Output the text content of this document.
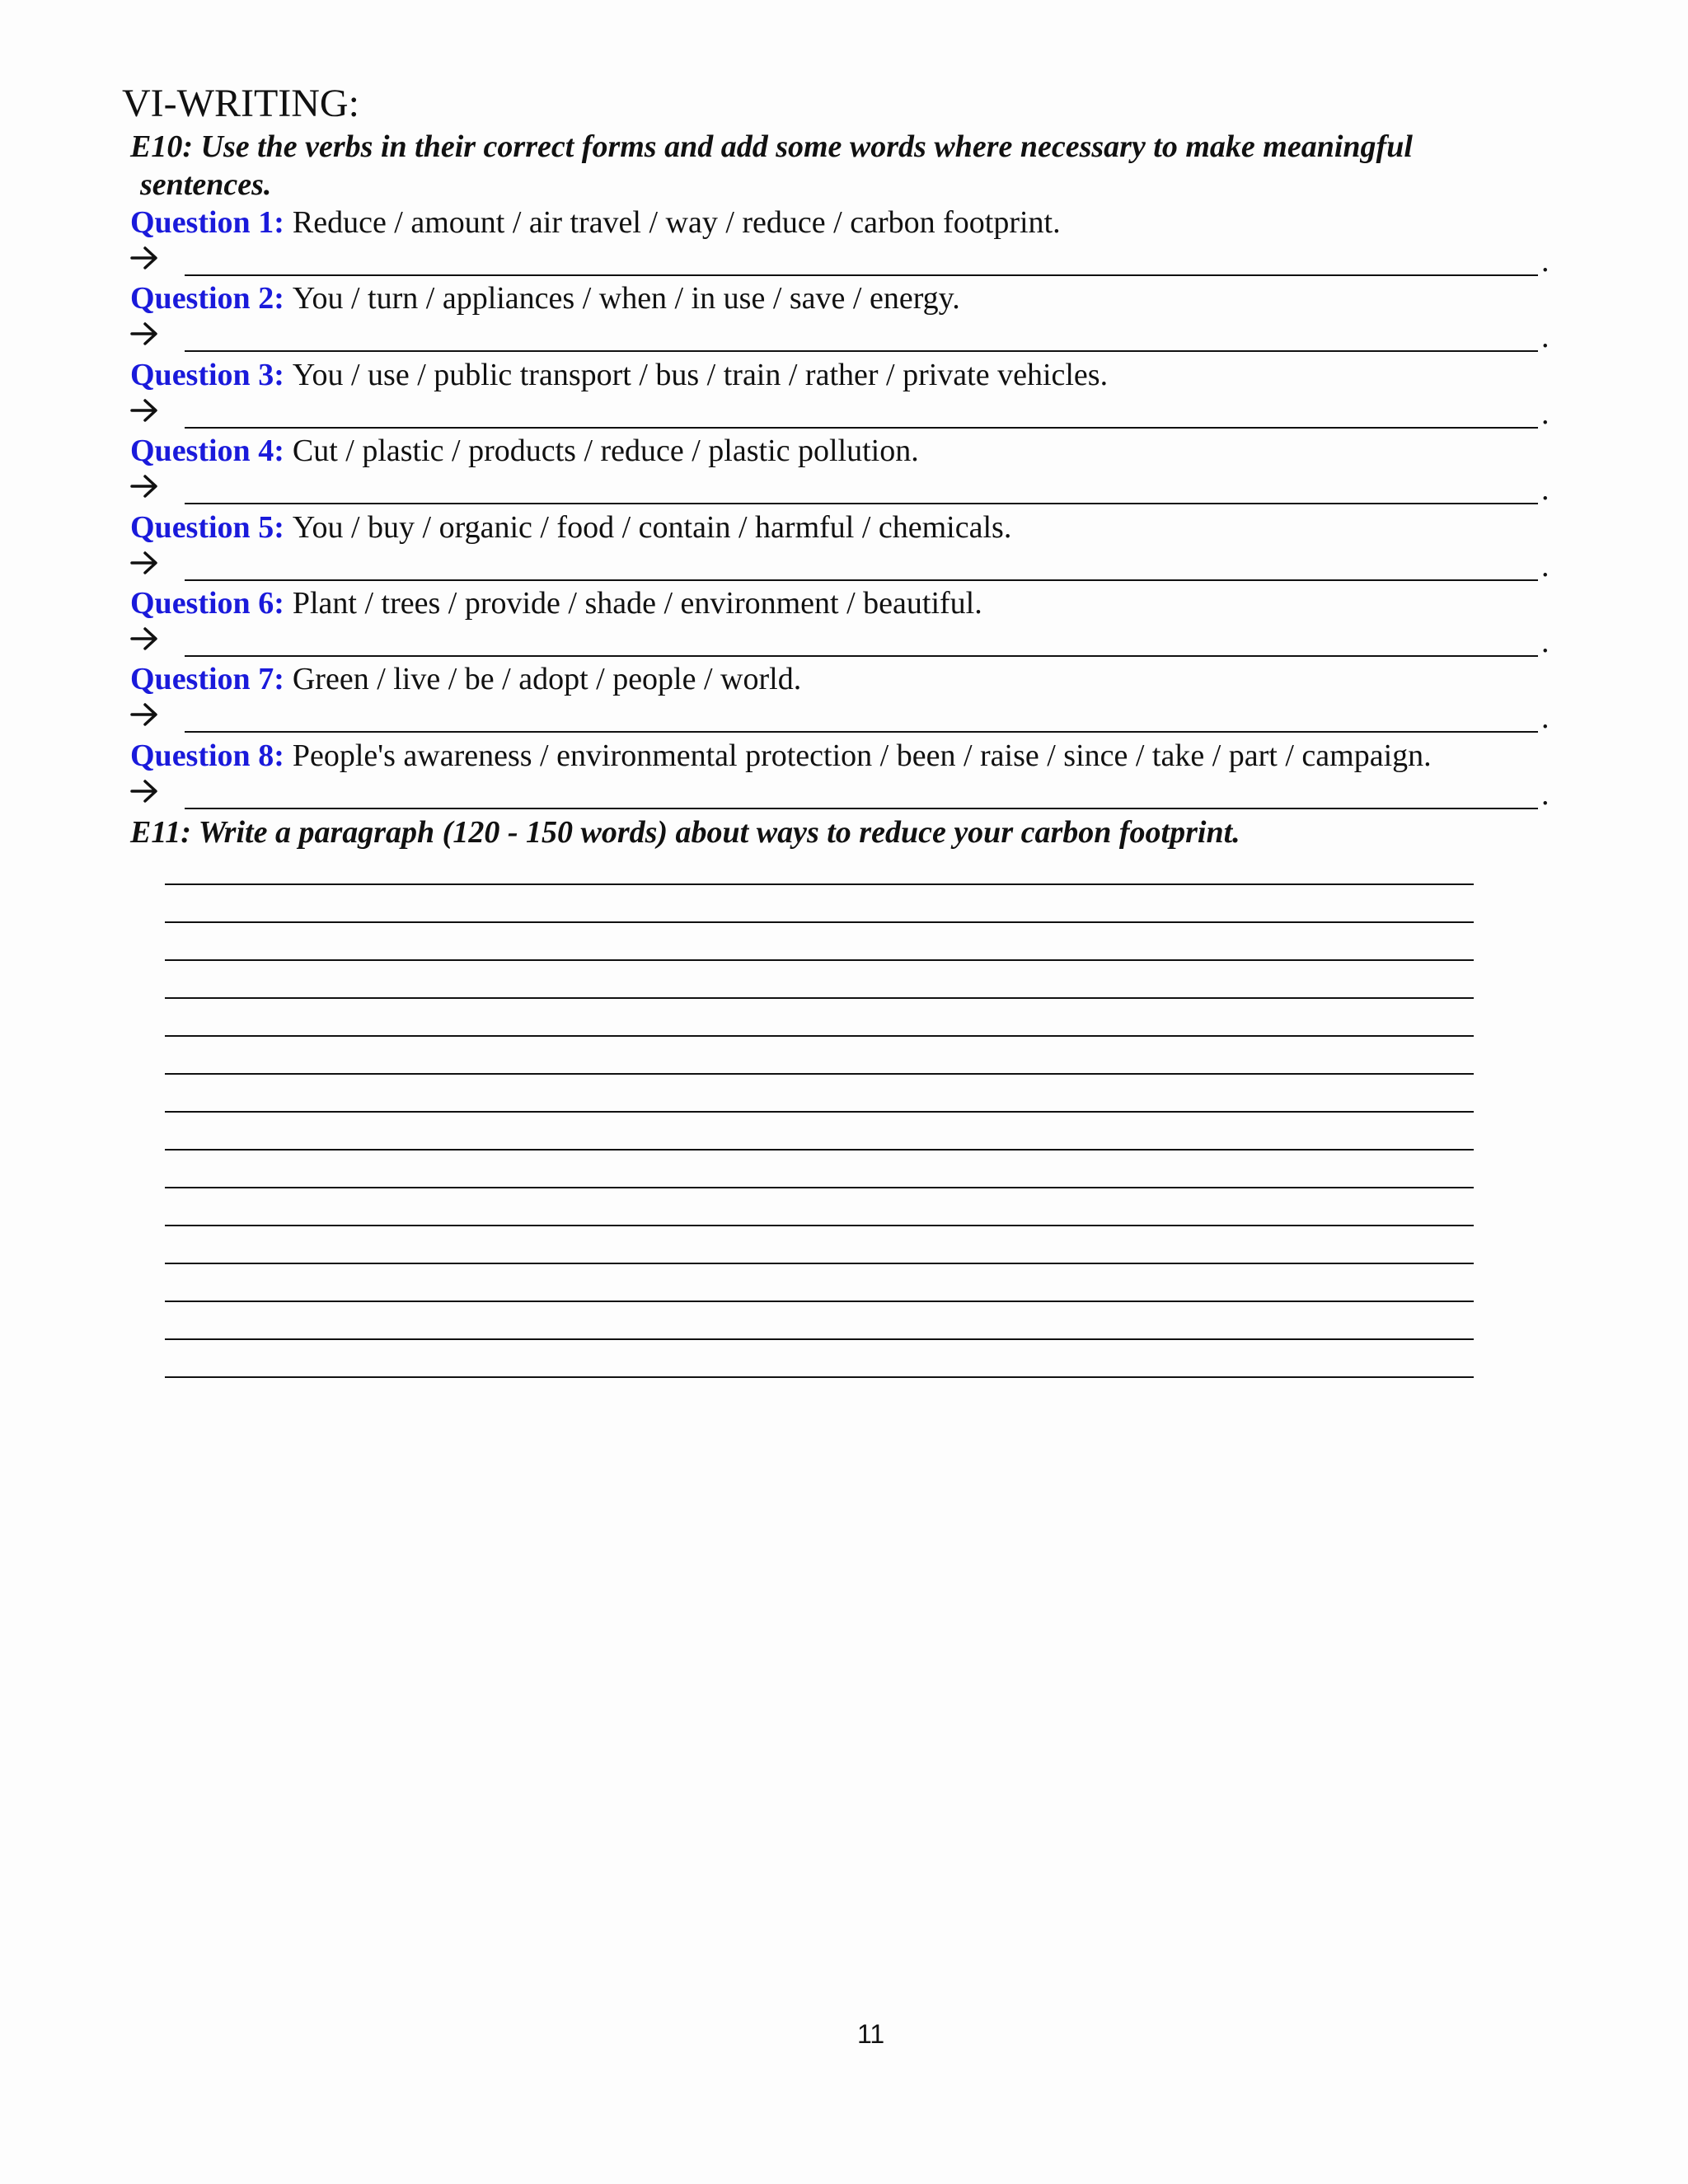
VI-WRITING:
E10: Use the verbs in their correct forms and add some words where necessary to make meaningful
sentences.
Question 1: Reduce / amount / air travel / way / reduce / carbon footprint.
.
Question 2: You / turn / appliances / when / in use / save / energy.
.
Question 3: You / use / public transport / bus / train / rather / private vehicles.
.
Question 4: Cut / plastic / products / reduce / plastic pollution.
.
Question 5: You / buy / organic / food / contain / harmful / chemicals.
.
Question 6: Plant / trees / provide / shade / environment / beautiful.
.
Question 7: Green / live / be / adopt / people / world.
.
Question 8: People's awareness / environmental protection / been / raise / since / take / part / campaign.
.
E11: Write a paragraph (120 - 150 words) about ways to reduce your carbon footprint.
11
